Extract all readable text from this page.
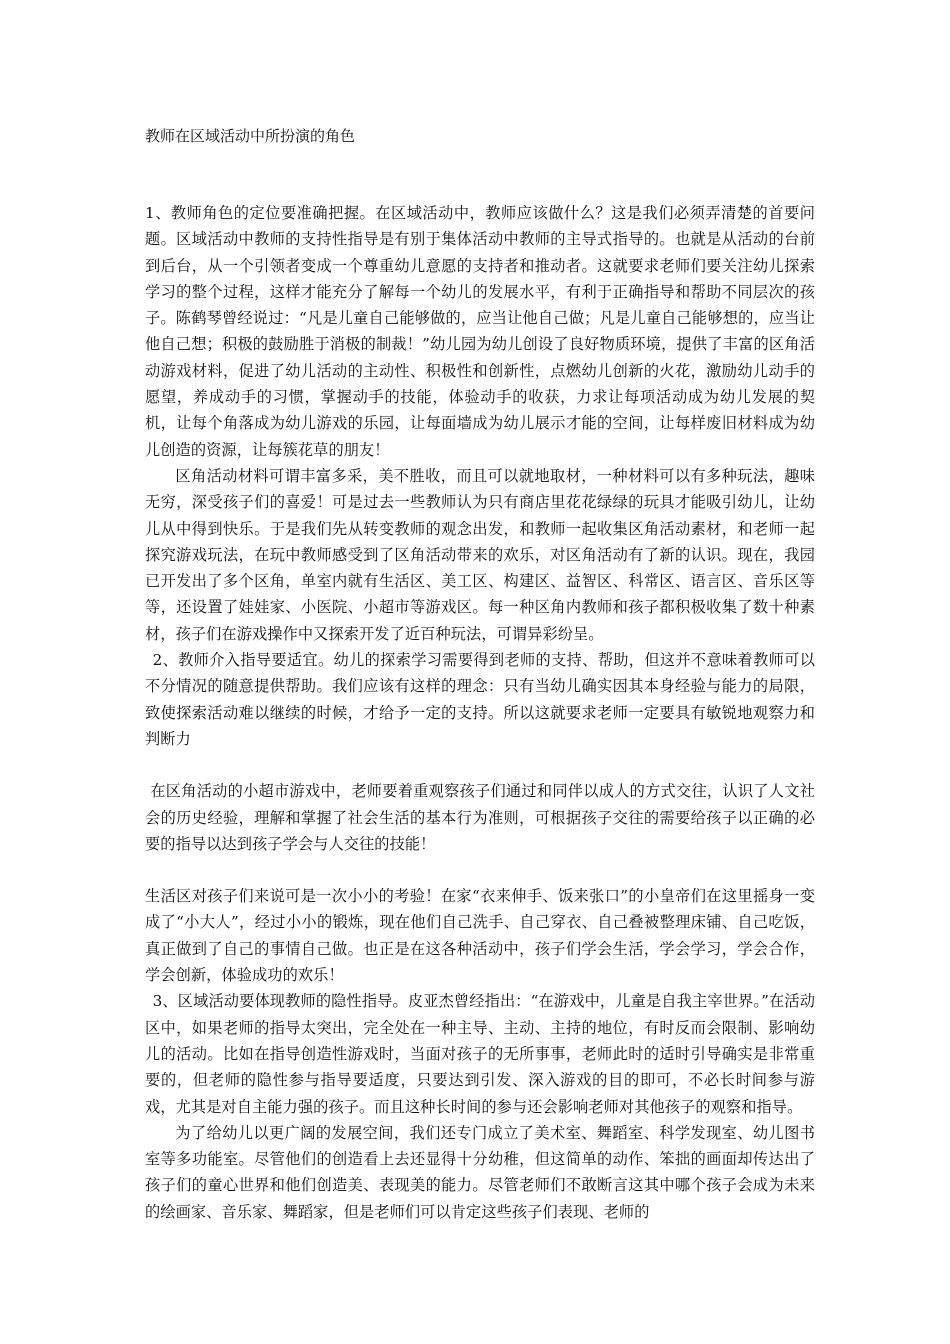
教师在区域活动中所扮演的角色

1、教师角色的定位要准确把握。在区域活动中，教师应该做什么？这是我们必须弄清楚的首要问题。区域活动中教师的支持性指导是有别于集体活动中教师的主导式指导的。也就是从活动的台前到后台，从一个引领者变成一个尊重幼儿意愿的支持者和推动者。这就要求老师们要关注幼儿探索学习的整个过程，这样才能充分了解每一个幼儿的发展水平，有利于正确指导和帮助不同层次的孩子。陈鹤琴曾经说过：“凡是儿童自己能够做的，应当让他自己做；凡是儿童自己能够想的，应当让他自己想；积极的鼓励胜于消极的制裁！”幼儿园为幼儿创设了良好物质环境，提供了丰富的区角活动游戏材料，促进了幼儿活动的主动性、积极性和创新性，点燃幼儿创新的火花，激励幼儿动手的愿望，养成动手的习惯，掌握动手的技能，体验动手的收获，力求让每项活动成为幼儿发展的契机，让每个角落成为幼儿游戏的乐园，让每面墙成为幼儿展示才能的空间，让每样废旧材料成为幼儿创造的资源，让每簇花草的朋友！

区角活动材料可谓丰富多采，美不胜收，而且可以就地取材，一种材料可以有多种玩法，趣味无穷，深受孩子们的喜爱！可是过去一些教师认为只有商店里花花绿绿的玩具才能吸引幼儿，让幼儿从中得到快乐。于是我们先从转变教师的观念出发，和教师一起收集区角活动素材，和老师一起探究游戏玩法，在玩中教师感受到了区角活动带来的欢乐，对区角活动有了新的认识。现在，我园已开发出了多个区角，单室内就有生活区、美工区、构建区、益智区、科常区、语言区、音乐区等等，还设置了娃娃家、小医院、小超市等游戏区。每一种区角内教师和孩子都积极收集了数十种素材，孩子们在游戏操作中又探索开发了近百种玩法，可谓异彩纷呈。

2、教师介入指导要适宜。幼儿的探索学习需要得到老师的支持、帮助，但这并不意味着教师可以不分情况的随意提供帮助。我们应该有这样的理念：只有当幼儿确实因其本身经验与能力的局限，致使探索活动难以继续的时候，才给予一定的支持。所以这就要求老师一定要具有敏锐地观察力和判断力

在区角活动的小超市游戏中，老师要着重观察孩子们通过和同伴以成人的方式交往，认识了人文社会的历史经验，理解和掌握了社会生活的基本行为准则，可根据孩子交往的需要给孩子以正确的必要的指导以达到孩子学会与人交往的技能！

生活区对孩子们来说可是一次小小的考验！在家“衣来伸手、饭来张口”的小皇帝们在这里摇身一变成了“小大人”，经过小小的锻炼，现在他们自己洗手、自己穿衣、自己叠被整理床铺、自己吃饭，真正做到了自己的事情自己做。也正是在这各种活动中，孩子们学会生活，学会学习，学会合作，学会创新，体验成功的欢乐！

3、区域活动要体现教师的隐性指导。皮亚杰曾经指出：“在游戏中，儿童是自我主宰世界。”在活动区中，如果老师的指导太突出，完全处在一种主导、主动、主持的地位，有时反而会限制、影响幼儿的活动。比如在指导创造性游戏时，当面对孩子的无所事事，老师此时的适时引导确实是非常重要的，但老师的隐性参与指导要适度，只要达到引发、深入游戏的目的即可，不必长时间参与游戏，尤其是对自主能力强的孩子。而且这种长时间的参与还会影响老师对其他孩子的观察和指导。

为了给幼儿以更广阔的发展空间，我们还专门成立了美术室、舞蹈室、科学发现室、幼儿图书室等多功能室。尽管他们的创造看上去还显得十分幼稚，但这简单的动作、笨拙的画面却传达出了孩子们的童心世界和他们创造美、表现美的能力。尽管老师们不敢断言这其中哪个孩子会成为未来的绘画家、音乐家、舞蹈家，但是老师们可以肯定这些孩子们表现、老师的
